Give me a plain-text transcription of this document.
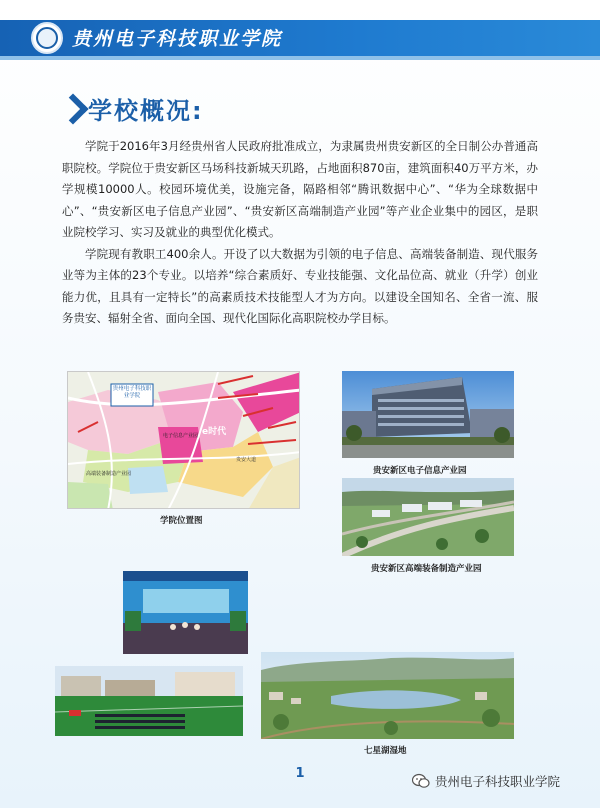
贵州电子科技职业学院
学校概况:

学院于2016年3月经贵州省人民政府批准成立，为隶属贵州贵安新区的全日制公办普通高职院校。学院位于贵安新区马场科技新城天玑路，占地面积870亩，建筑面积40万平方米，办学规模10000人。校园环境优美，设施完备，隔路相邻“腾讯数据中心”、“华为全球数据中心”、“贵安新区电子信息产业园”、“贵安新区高端制造产业园”等产业企业集中的园区，是职业院校学习、实习及就业的典型优化模式。

学院现有教职工400余人。开设了以大数据为引领的电子信息、高端装备制造、现代服务业等为主体的23个专业。以培养“综合素质好、专业技能强、文化品位高、就业（升学）创业能力优，且具有一定特长”的高素质技术技能型人才为方向。以建设全国知名、全省一流、服务贵安、辐射全省、面向全国、现代化国际化高职院校办学目标。

贵州电子科技职业学院
电子信息产业园
高端装备制造产业园
e时代
贵安大道
学院位置图
贵安新区电子信息产业园
贵安新区高端装备制造产业园
七星湖湿地
1
贵州电子科技职业学院
